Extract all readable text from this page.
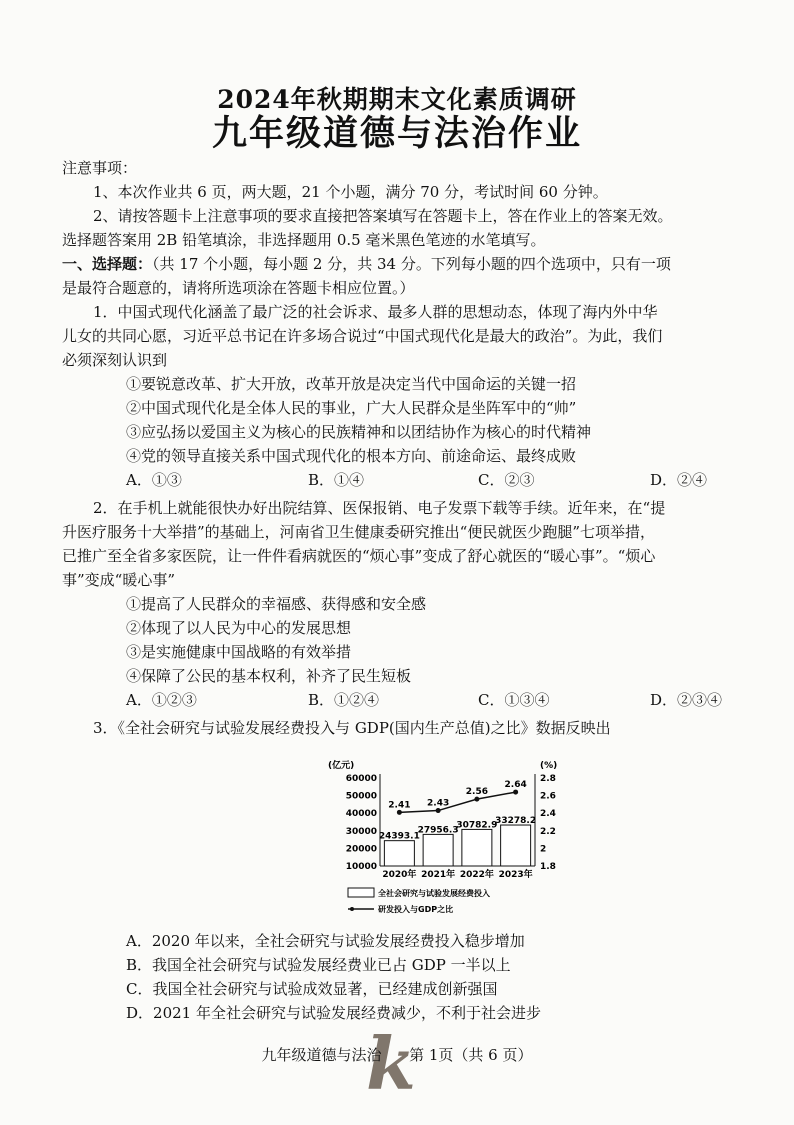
2024年秋期期末文化素质调研
九年级道德与法治作业
注意事项：
1、本次作业共 6 页，两大题，21 个小题，满分 70 分，考试时间 60 分钟。
2、请按答题卡上注意事项的要求直接把答案填写在答题卡上，答在作业上的答案无效。
选择题答案用 2B 铅笔填涂，非选择题用 0.5 毫米黑色笔迹的水笔填写。
一、选择题：（共 17 个小题，每小题 2 分，共 34 分。下列每小题的四个选项中，只有一项
是最符合题意的，请将所选项涂在答题卡相应位置。）
1．中国式现代化涵盖了最广泛的社会诉求、最多人群的思想动态，体现了海内外中华
儿女的共同心愿，习近平总书记在许多场合说过“中国式现代化是最大的政治”。为此，我们
必须深刻认识到
①要锐意改革、扩大开放，改革开放是决定当代中国命运的关键一招
②中国式现代化是全体人民的事业，广大人民群众是坐阵军中的“帅”
③应弘扬以爱国主义为核心的民族精神和以团结协作为核心的时代精神
④党的领导直接关系中国式现代化的根本方向、前途命运、最终成败
A．①③	B．①④	C．②③	D．②④
2．在手机上就能很快办好出院结算、医保报销、电子发票下载等手续。近年来，在“提
升医疗服务十大举措”的基础上，河南省卫生健康委研究推出“便民就医少跑腿”七项举措，
已推广至全省多家医院，让一件件看病就医的“烦心事”变成了舒心就医的“暖心事”。“烦心
事”变成“暖心事”
①提高了人民群众的幸福感、获得感和安全感
②体现了以人民为中心的发展思想
③是实施健康中国战略的有效举措
④保障了公民的基本权利，补齐了民生短板
A．①②③	B．①②④	C．①③④	D．②③④
3．《全社会研究与试验发展经费投入与 GDP(国内生产总值)之比》数据反映出
(亿元)	(%)
60000
50000
40000
30000
20000
10000
2.8
2.6
2.4
2.2
2
1.8
24393.1
2020年
27956.3
2021年
30782.9
2022年
33278.2
2023年
2.41 2.43
2.56
2.64
全社会研究与试验发展经费投入
研发投入与GDP之比
A．2020 年以来，全社会研究与试验发展经费投入稳步增加
B．我国全社会研究与试验发展经费业已占 GDP 一半以上
C．我国全社会研究与试验成效显著，已经建成创新强国
D．2021 年全社会研究与试验发展经费减少，不利于社会进步
k
九年级道德与法治 第 1页（共 6 页）
